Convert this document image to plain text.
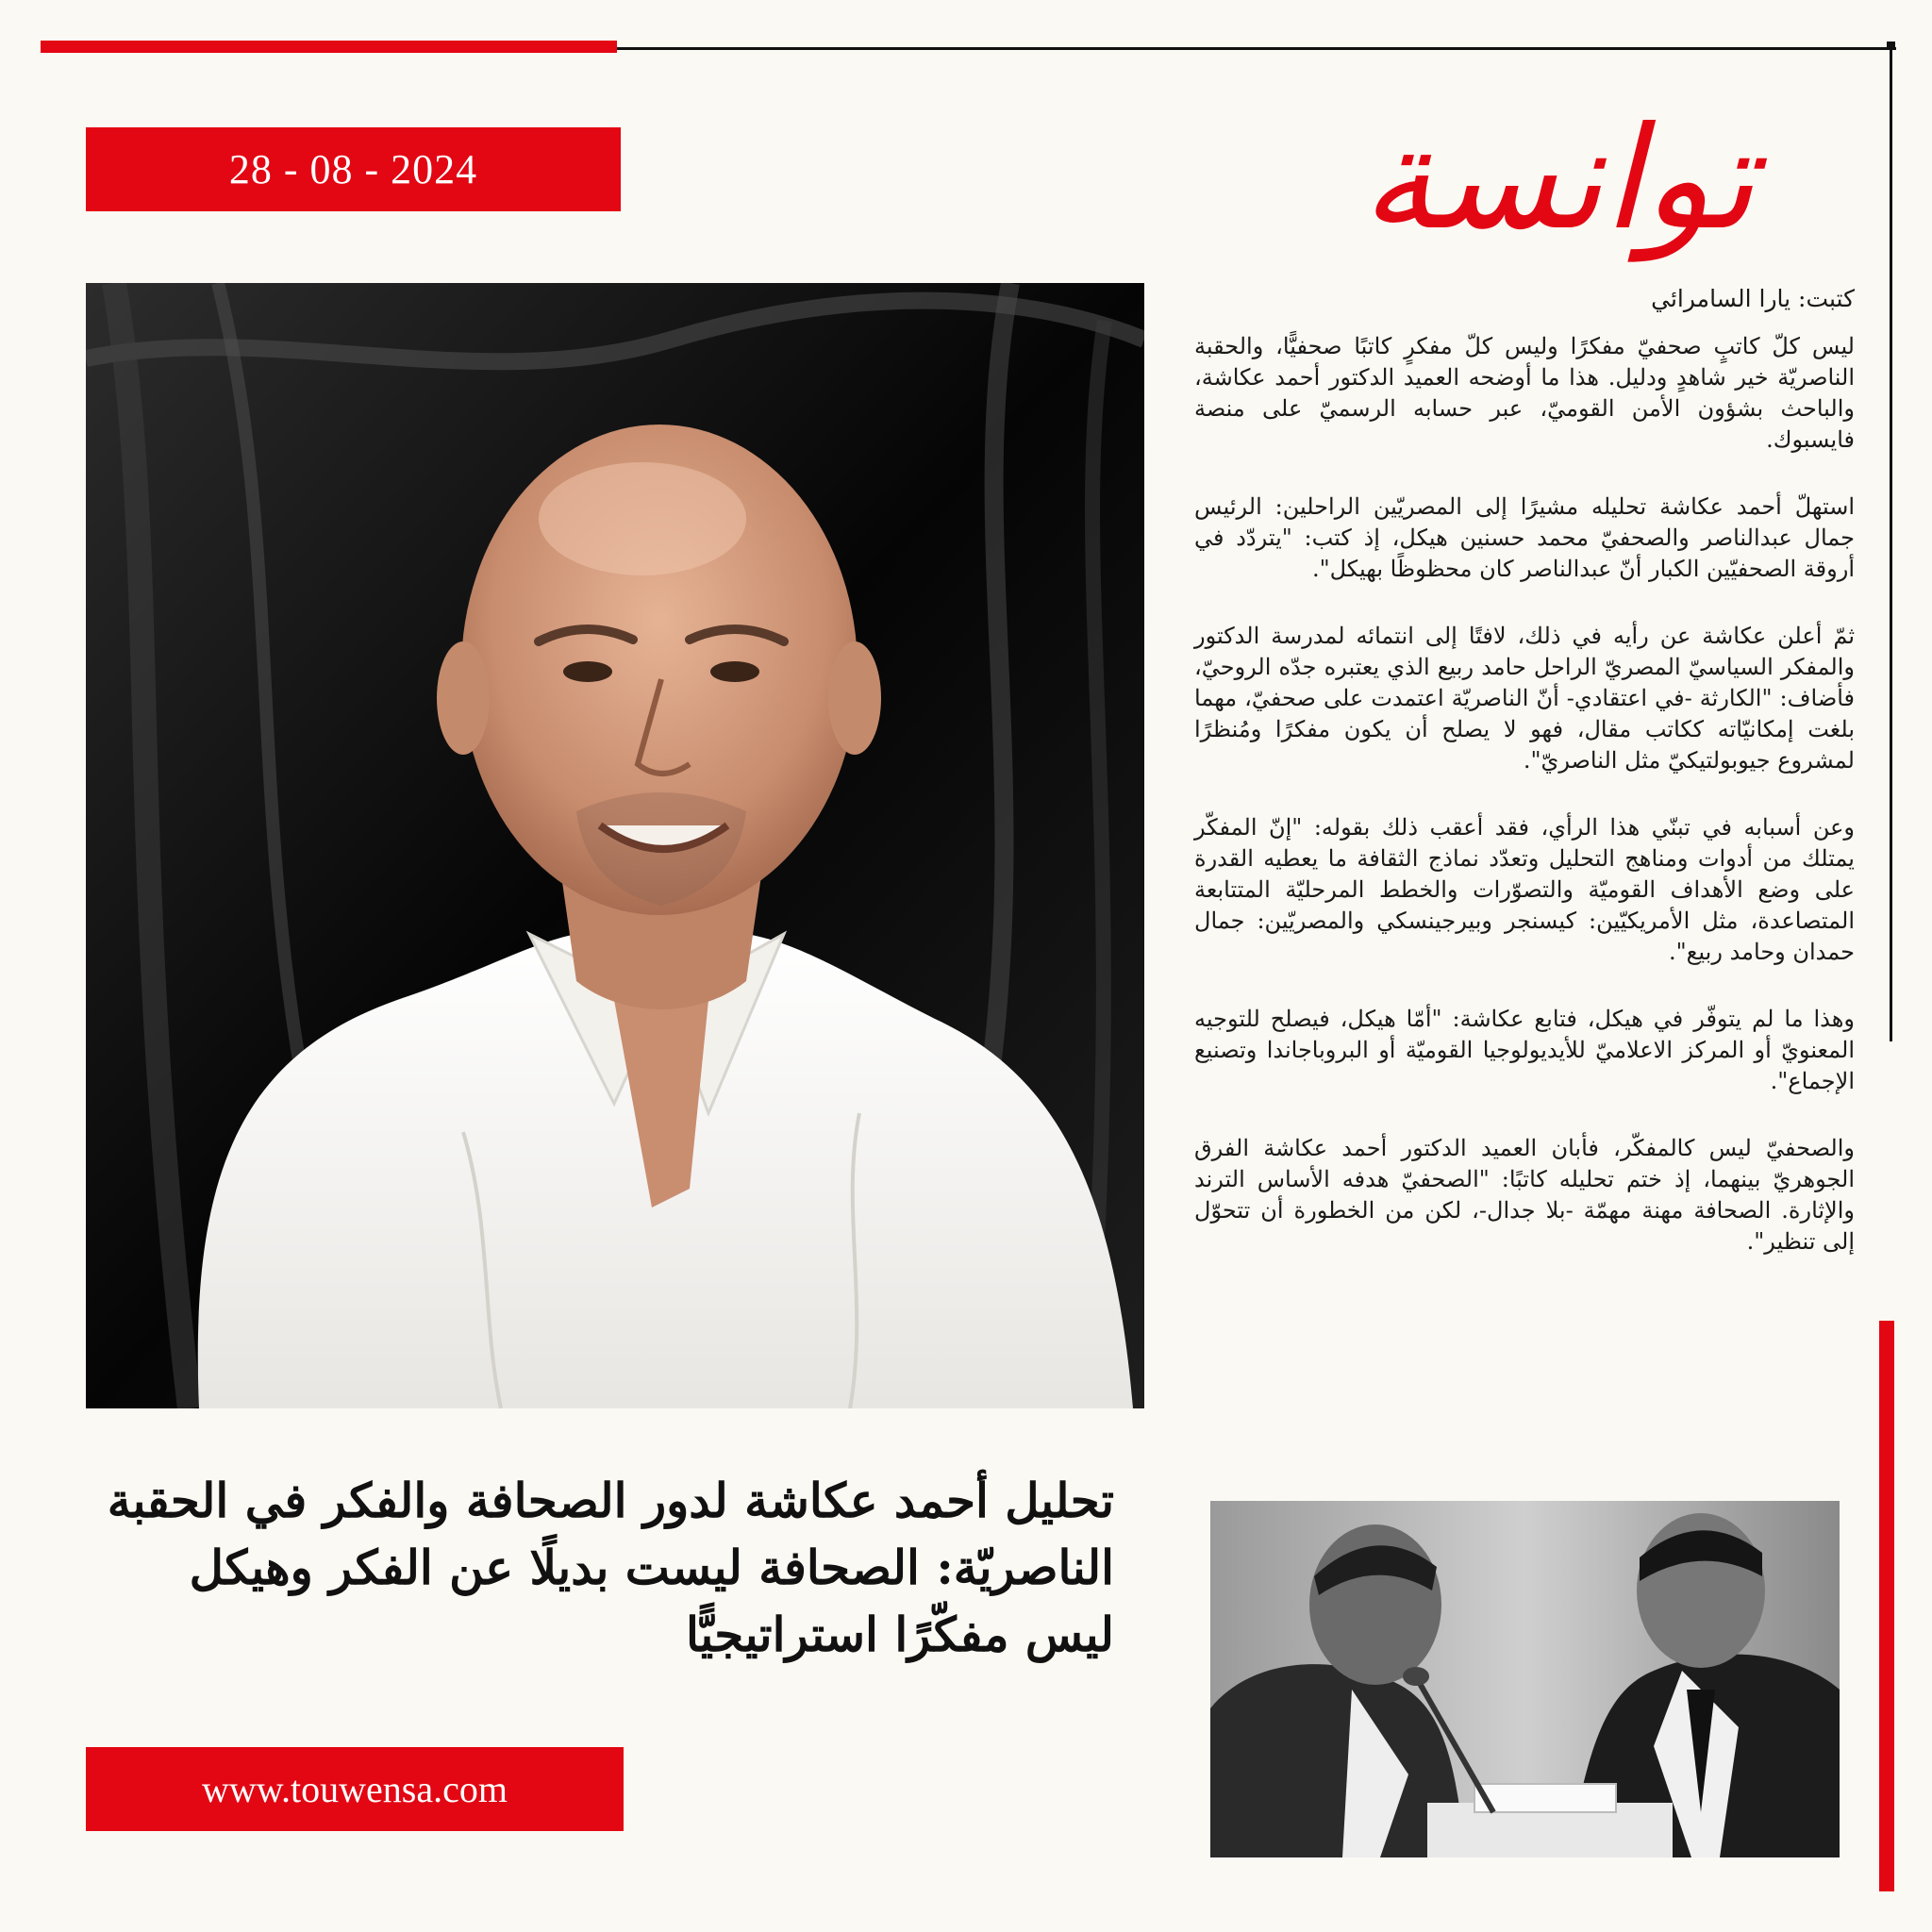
28 - 08 - 2024	توانسة
كتبت: يارا السامرائي

ليس كلّ كاتبٍ صحفيّ مفكرًا وليس كلّ مفكرٍ كاتبًا صحفيًّا، والحقبة الناصريّة خير شاهدٍ ودليل. هذا ما أوضحه العميد الدكتور أحمد عكاشة، والباحث بشؤون الأمن القوميّ، عبر حسابه الرسميّ على منصة فايسبوك.

استهلّ أحمد عكاشة تحليله مشيرًا إلى المصريّين الراحلين: الرئيس جمال عبدالناصر والصحفيّ محمد حسنين هيكل، إذ كتب: "يتردّد في أروقة الصحفيّين الكبار أنّ عبدالناصر كان محظوظًا بهيكل".

ثمّ أعلن عكاشة عن رأيه في ذلك، لافتًا إلى انتمائه لمدرسة الدكتور والمفكر السياسيّ المصريّ الراحل حامد ربيع الذي يعتبره جدّه الروحيّ، فأضاف: "الكارثة -في اعتقادي- أنّ الناصريّة اعتمدت على صحفيّ، مهما بلغت إمكانيّاته ككاتب مقال، فهو لا يصلح أن يكون مفكرًا ومُنظرًا لمشروع جيوبولتيكيّ مثل الناصريّ".

وعن أسبابه في تبنّي هذا الرأي، فقد أعقب ذلك بقوله: "إنّ المفكّر يمتلك من أدوات ومناهج التحليل وتعدّد نماذج الثقافة ما يعطيه القدرة على وضع الأهداف القوميّة والتصوّرات والخطط المرحليّة المتتابعة المتصاعدة، مثل الأمريكيّين: كيسنجر وبيرجينسكي والمصريّين: جمال حمدان وحامد ربيع".

وهذا ما لم يتوفّر في هيكل، فتابع عكاشة: "أمّا هيكل، فيصلح للتوجيه المعنويّ أو المركز الاعلاميّ للأيديولوجيا القوميّة أو البروباجاندا وتصنيع الإجماع".

والصحفيّ ليس كالمفكّر، فأبان العميد الدكتور أحمد عكاشة الفرق الجوهريّ بينهما، إذ ختم تحليله كاتبًا: "الصحفيّ هدفه الأساس الترند والإثارة. الصحافة مهنة مهمّة -بلا جدال-، لكن من الخطورة أن تتحوّل إلى تنظير".

تحليل أحمد عكاشة لدور الصحافة والفكر في الحقبة الناصريّة: الصحافة ليست بديلًا عن الفكر وهيكل ليس مفكّرًا استراتيجيًّا
www.touwensa.com
